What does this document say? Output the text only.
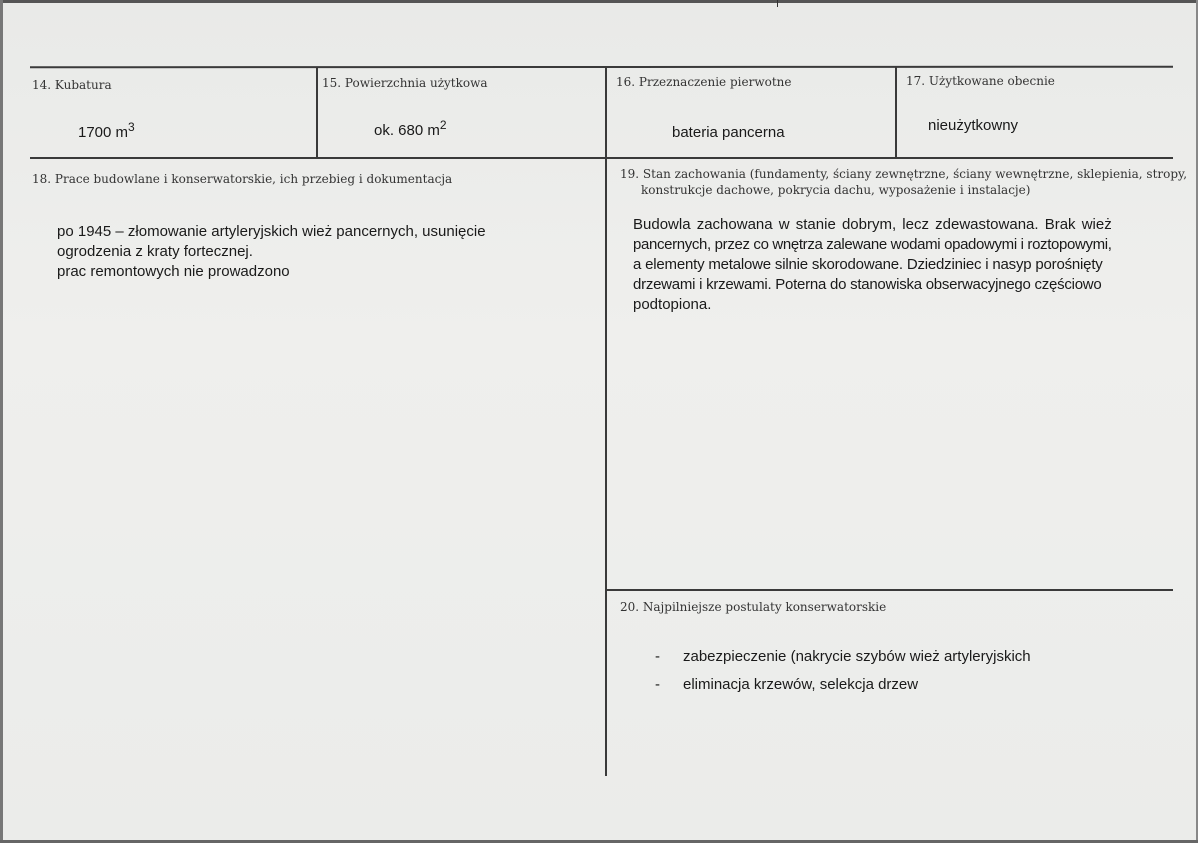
14. Kubatura
1700 $m^3$
15. Powierzchnia użytkowa
ok. 680 $m^2$
16. Przeznaczenie pierwotne
bateria pancerna
17. Użytkowane obecnie
nieużytkowny
18. Prace budowlane i konserwatorskie, ich przebieg i dokumentacja
po 1945 – złomowanie artyleryjskich wież pancernych, usunięcie
ogrodzenia z kraty fortecznej.
prac remontowych nie prowadzono
19. Stan zachowania (fundamenty, ściany zewnętrzne, ściany wewnętrzne, sklepienia, stropy,
konstrukcje dachowe, pokrycia dachu, wyposażenie i instalacje)
Budowla zachowana w stanie dobrym, lecz zdewastowana. Brak wież
pancernych, przez co wnętrza zalewane wodami opadowymi i roztopowymi,
a elementy metalowe silnie skorodowane. Dziedziniec i nasyp porośnięty
drzewami i krzewami. Poterna do stanowiska obserwacyjnego częściowo
podtopiona.
20. Najpilniejsze postulaty konserwatorskie
- zabezpieczenie (nakrycie szybów wież artyleryjskich
- eliminacja krzewów, selekcja drzew
